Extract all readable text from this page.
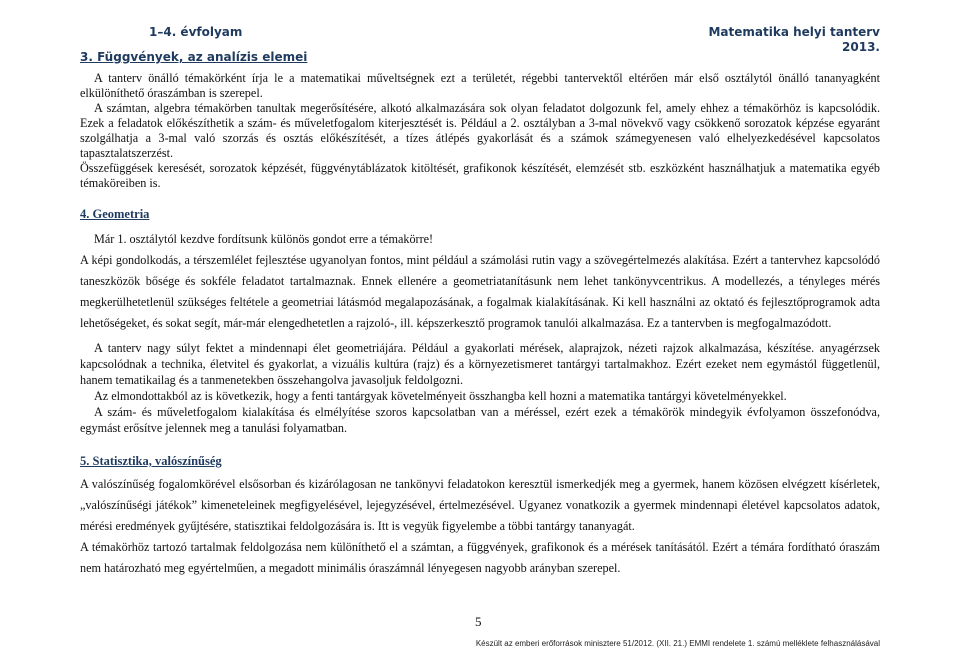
1–4. évfolyam	Matematika helyi tanterv
2013.
3. Függvények, az analízis elemei

A tanterv önálló témakörként írja le a matematikai műveltségnek ezt a területét, régebbi tantervektől eltérően már első osztálytól önálló tananyagként elkülöníthető óraszámban is szerepel.

A számtan, algebra témakörben tanultak megerősítésére, alkotó alkalmazására sok olyan feladatot dolgozunk fel, amely ehhez a témakörhöz is kapcsolódik. Ezek a feladatok előkészíthetik a szám- és műveletfogalom kiterjesztését is. Például a 2. osztályban a 3-mal növekvő vagy csökkenő sorozatok képzése egyaránt szolgálhatja a 3-mal való szorzás és osztás előkészítését, a tízes átlépés gyakorlását és a számok számegyenesen való elhelyezkedésével kapcsolatos tapasztalatszerzést.

Összefüggések keresését, sorozatok képzését, függvénytáblázatok kitöltését, grafikonok készítését, elemzését stb. eszközként használhatjuk a matematika egyéb témaköreiben is.

4. Geometria

Már 1. osztálytól kezdve fordítsunk különös gondot erre a témakörre!

A képi gondolkodás, a térszemlélet fejlesztése ugyanolyan fontos, mint például a számolási rutin vagy a szövegértelmezés alakítása. Ezért a tantervhez kapcsolódó taneszközök bősége és sokféle feladatot tartalmaznak. Ennek ellenére a geometriatanításunk nem lehet tankönyvcentrikus. A modellezés, a tényleges mérés megkerülhetetlenül szükséges feltétele a geometriai látásmód megalapozásának, a fogalmak kialakításának. Ki kell használni az oktató és fejlesztőprogramok adta lehetőségeket, és sokat segít, már-már elengedhetetlen a rajzoló-, ill. képszerkesztő programok tanulói alkalmazása. Ez a tantervben is megfogalmazódott.

A tanterv nagy súlyt fektet a mindennapi élet geometriájára. Például a gyakorlati mérések, alaprajzok, nézeti rajzok alkalmazása, készítése. anyagérzsek kapcsolódnak a technika, életvitel és gyakorlat, a vizuális kultúra (rajz) és a környezetismeret tantárgyi tartalmakhoz. Ezért ezeket nem egymástól függetlenül, hanem tematikailag és a tanmenetekben összehangolva javasoljuk feldolgozni.

Az elmondottakból az is következik, hogy a fenti tantárgyak követelményeit összhangba kell hozni a matematika tantárgyi követelményekkel.

A szám- és műveletfogalom kialakítása és elmélyítése szoros kapcsolatban van a méréssel, ezért ezek a témakörök mindegyik évfolyamon összefonódva, egymást erősítve jelennek meg a tanulási folyamatban.

5. Statisztika, valószínűség

A valószínűség fogalomkörével elsősorban és kizárólagosan ne tankönyvi feladatokon keresztül ismerkedjék meg a gyermek, hanem közösen elvégzett kísérletek, „valószínűségi játékok” kimeneteleinek megfigyelésével, lejegyzésével, értelmezésével. Ugyanez vonatkozik a gyermek mindennapi életével kapcsolatos adatok, mérési eredmények gyűjtésére, statisztikai feldolgozására is. Itt is vegyük figyelembe a többi tantárgy tananyagát.

A témakörhöz tartozó tartalmak feldolgozása nem különíthető el a számtan, a függvények, grafikonok és a mérések tanításától. Ezért a témára fordítható óraszám nem határozható meg egyértelműen, a megadott minimális óraszámnál lényegesen nagyobb arányban szerepel.

5
Készült az emberi erőforrások minisztere 51/2012. (XII. 21.) EMMI rendelete 1. számú melléklete felhasználásával
